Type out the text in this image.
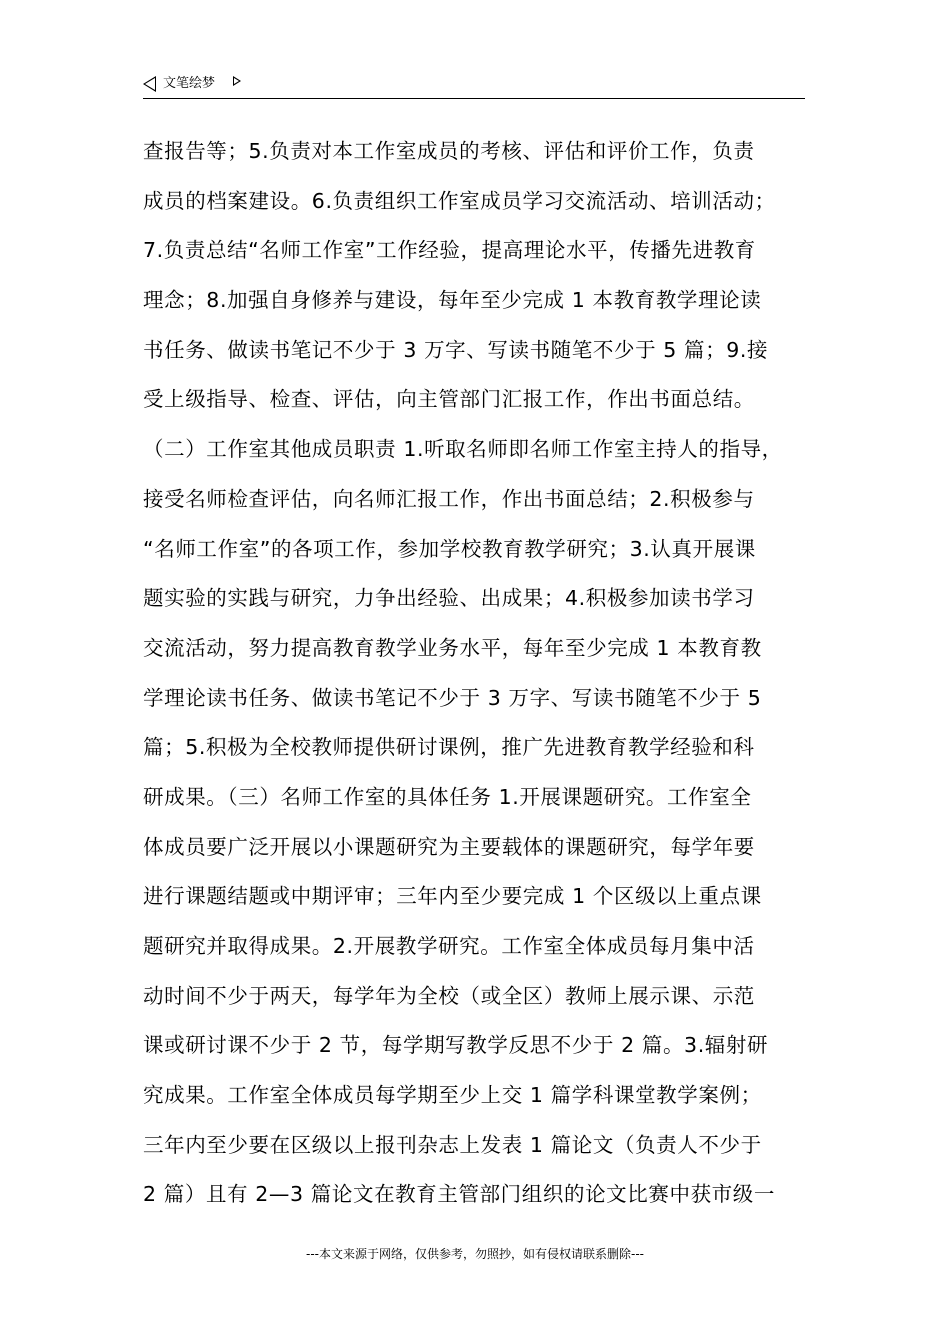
文笔绘梦
查报告等；5.负责对本工作室成员的考核、评估和评价工作，负责
成员的档案建设。6.负责组织工作室成员学习交流活动、培训活动；
7.负责总结“名师工作室”工作经验，提高理论水平，传播先进教育
理念；8.加强自身修养与建设，每年至少完成 1 本教育教学理论读
书任务、做读书笔记不少于 3 万字、写读书随笔不少于 5 篇；9.接
受上级指导、检查、评估，向主管部门汇报工作，作出书面总结。
（二）工作室其他成员职责 1.听取名师即名师工作室主持人的指导，
接受名师检查评估，向名师汇报工作，作出书面总结；2.积极参与
“名师工作室”的各项工作，参加学校教育教学研究；3.认真开展课
题实验的实践与研究，力争出经验、出成果；4.积极参加读书学习
交流活动，努力提高教育教学业务水平，每年至少完成 1 本教育教
学理论读书任务、做读书笔记不少于 3 万字、写读书随笔不少于 5
篇；5.积极为全校教师提供研讨课例，推广先进教育教学经验和科
研成果。（三）名师工作室的具体任务 1.开展课题研究。工作室全
体成员要广泛开展以小课题研究为主要载体的课题研究，每学年要
进行课题结题或中期评审；三年内至少要完成 1 个区级以上重点课
题研究并取得成果。2.开展教学研究。工作室全体成员每月集中活
动时间不少于两天，每学年为全校（或全区）教师上展示课、示范
课或研讨课不少于 2 节，每学期写教学反思不少于 2 篇。3.辐射研
究成果。工作室全体成员每学期至少上交 1 篇学科课堂教学案例；
三年内至少要在区级以上报刊杂志上发表 1 篇论文（负责人不少于
2 篇）且有 2—3 篇论文在教育主管部门组织的论文比赛中获市级一
---本文来源于网络，仅供参考，勿照抄，如有侵权请联系删除---
